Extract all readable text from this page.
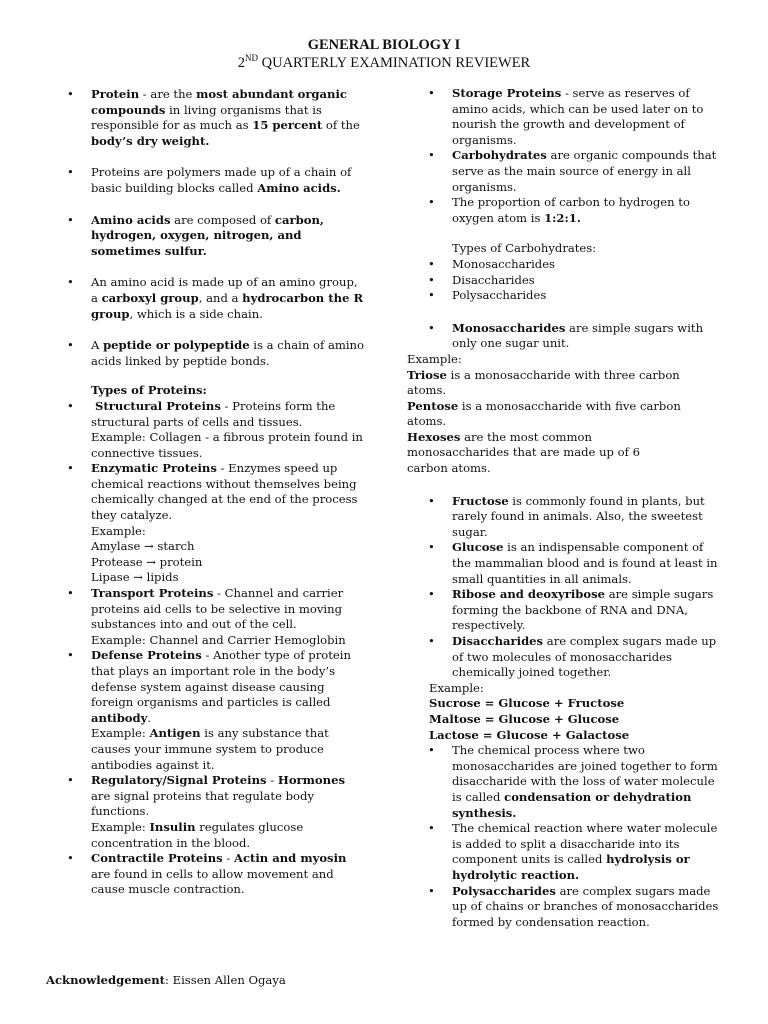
GENERAL BIOLOGY I
2ND QUARTERLY EXAMINATION REVIEWER
• Protein - are the most abundant organic compounds in living organisms that is responsible for as much as 15 percent of the body’s dry weight.
• Proteins are polymers made up of a chain of basic building blocks called Amino acids.
• Amino acids are composed of carbon, hydrogen, oxygen, nitrogen, and sometimes sulfur.
• An amino acid is made up of an amino group, a carboxyl group, and a hydrocarbon the R group, which is a side chain.
• A peptide or polypeptide is a chain of amino acids linked by peptide bonds.
Types of Proteins:
• Structural Proteins - Proteins form the structural parts of cells and tissues.
Example: Collagen - a fibrous protein found in connective tissues.
• Enzymatic Proteins - Enzymes speed up chemical reactions without themselves being chemically changed at the end of the process they catalyze.
Example:
Amylase → starch
Protease → protein
Lipase → lipids
• Transport Proteins - Channel and carrier proteins aid cells to be selective in moving substances into and out of the cell.
Example: Channel and Carrier Hemoglobin
• Defense Proteins - Another type of protein that plays an important role in the body’s defense system against disease causing foreign organisms and particles is called antibody.
Example: Antigen is any substance that causes your immune system to produce antibodies against it.
• Regulatory/Signal Proteins - Hormones are signal proteins that regulate body functions.
Example: Insulin regulates glucose concentration in the blood.
• Contractile Proteins - Actin and myosin are found in cells to allow movement and cause muscle contraction.
• Storage Proteins - serve as reserves of amino acids, which can be used later on to nourish the growth and development of organisms.
• Carbohydrates are organic compounds that serve as the main source of energy in all organisms.
• The proportion of carbon to hydrogen to oxygen atom is 1:2:1.
Types of Carbohydrates:
• Monosaccharides
• Disaccharides
• Polysaccharides
• Monosaccharides are simple sugars with only one sugar unit.
Example:
Triose is a monosaccharide with three carbon atoms.
Pentose is a monosaccharide with five carbon atoms.
Hexoses are the most common monosaccharides that are made up of 6 carbon atoms.
• Fructose is commonly found in plants, but rarely found in animals. Also, the sweetest sugar.
• Glucose is an indispensable component of the mammalian blood and is found at least in small quantities in all animals.
• Ribose and deoxyribose are simple sugars forming the backbone of RNA and DNA, respectively.
• Disaccharides are complex sugars made up of two molecules of monosaccharides chemically joined together.
Example:
Sucrose = Glucose + Fructose
Maltose = Glucose + Glucose
Lactose = Glucose + Galactose
• The chemical process where two monosaccharides are joined together to form disaccharide with the loss of water molecule is called condensation or dehydration synthesis.
• The chemical reaction where water molecule is added to split a disaccharide into its component units is called hydrolysis or hydrolytic reaction.
• Polysaccharides are complex sugars made up of chains or branches of monosaccharides formed by condensation reaction.
Acknowledgement: Eissen Allen Ogaya
